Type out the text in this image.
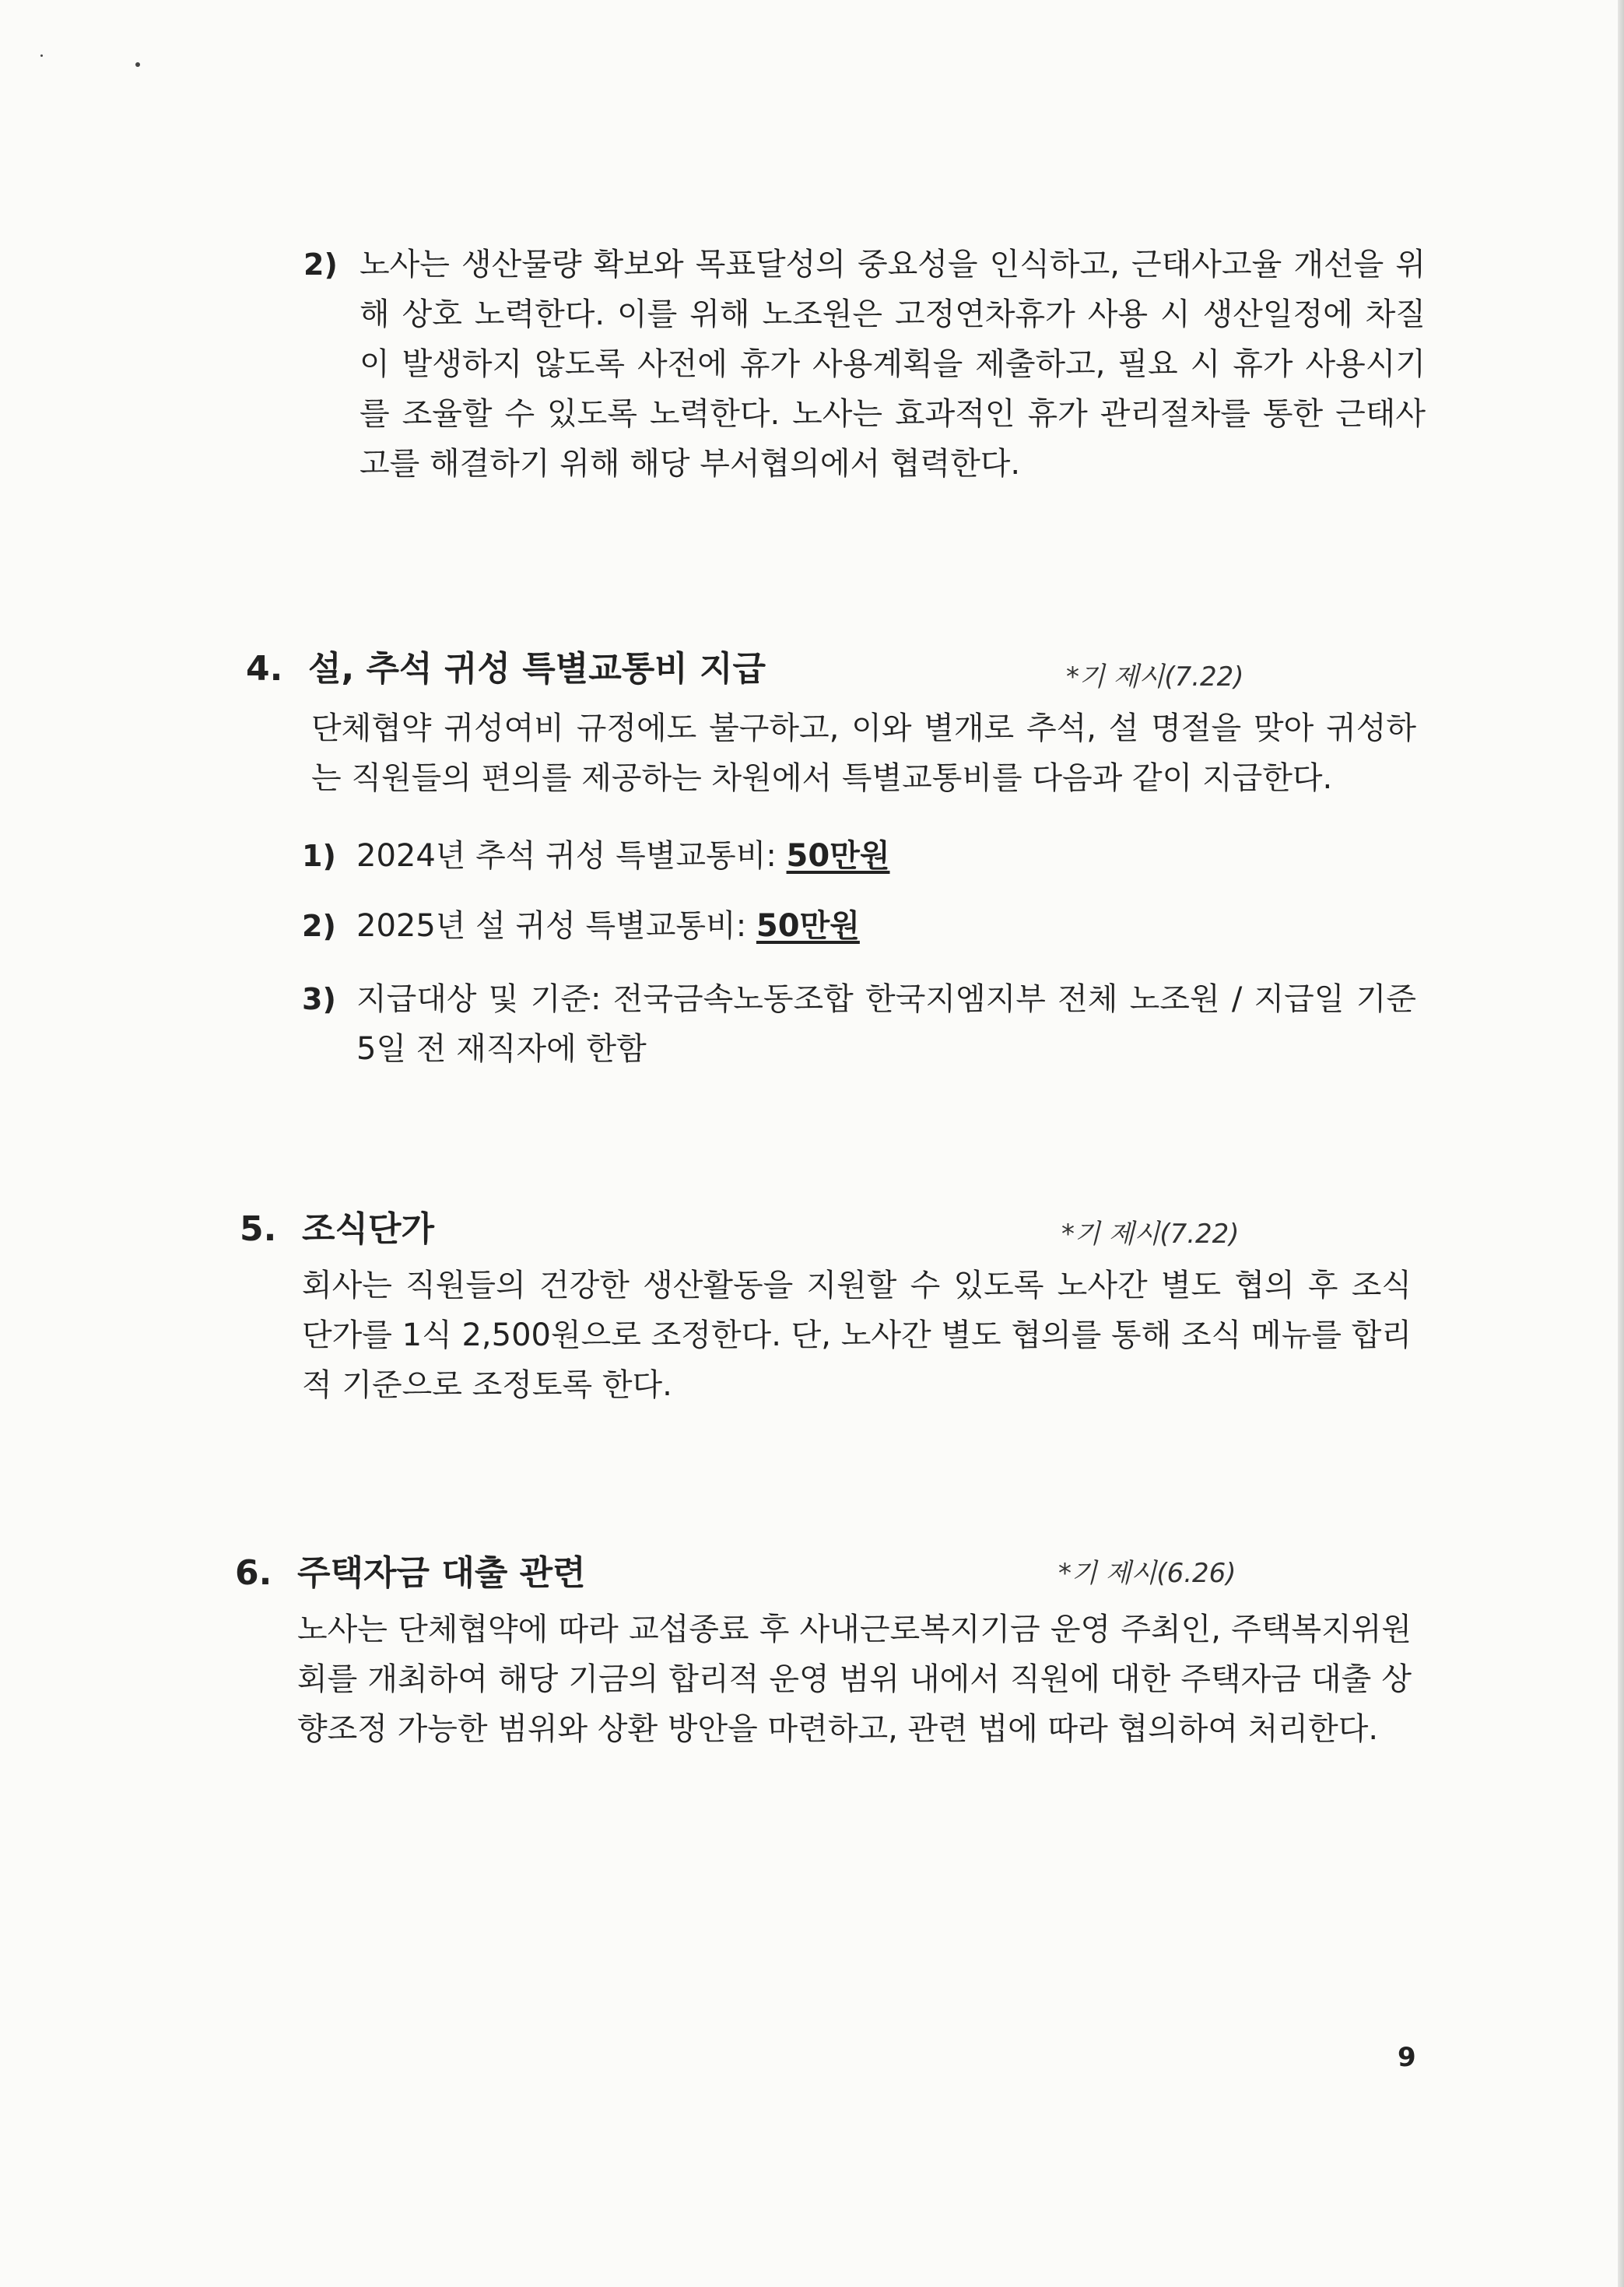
2) 노사는 생산물량 확보와 목표달성의 중요성을 인식하고, 근태사고율 개선을 위해 상호 노력한다. 이를 위해 노조원은 고정연차휴가 사용 시 생산일정에 차질이 발생하지 않도록 사전에 휴가 사용계획을 제출하고, 필요 시 휴가 사용시기를 조율할 수 있도록 노력한다. 노사는 효과적인 휴가 관리절차를 통한 근태사고를 해결하기 위해 해당 부서협의에서 협력한다.

4. 설, 추석 귀성 특별교통비 지급	*기 제시(7.22)

단체협약 귀성여비 규정에도 불구하고, 이와 별개로 추석, 설 명절을 맞아 귀성하는 직원들의 편의를 제공하는 차원에서 특별교통비를 다음과 같이 지급한다.

1) 2024년 추석 귀성 특별교통비: 50만원
2) 2025년 설 귀성 특별교통비: 50만원
3) 지급대상 및 기준: 전국금속노동조합 한국지엠지부 전체 노조원 / 지급일 기준 5일 전 재직자에 한함

5. 조식단가	*기 제시(7.22)

회사는 직원들의 건강한 생산활동을 지원할 수 있도록 노사간 별도 협의 후 조식 단가를 1식 2,500원으로 조정한다. 단, 노사간 별도 협의를 통해 조식 메뉴를 합리적 기준으로 조정토록 한다.

6. 주택자금 대출 관련	*기 제시(6.26)

노사는 단체협약에 따라 교섭종료 후 사내근로복지기금 운영 주최인, 주택복지위원회를 개최하여 해당 기금의 합리적 운영 범위 내에서 직원에 대한 주택자금 대출 상향조정 가능한 범위와 상환 방안을 마련하고, 관련 법에 따라 협의하여 처리한다.

9
